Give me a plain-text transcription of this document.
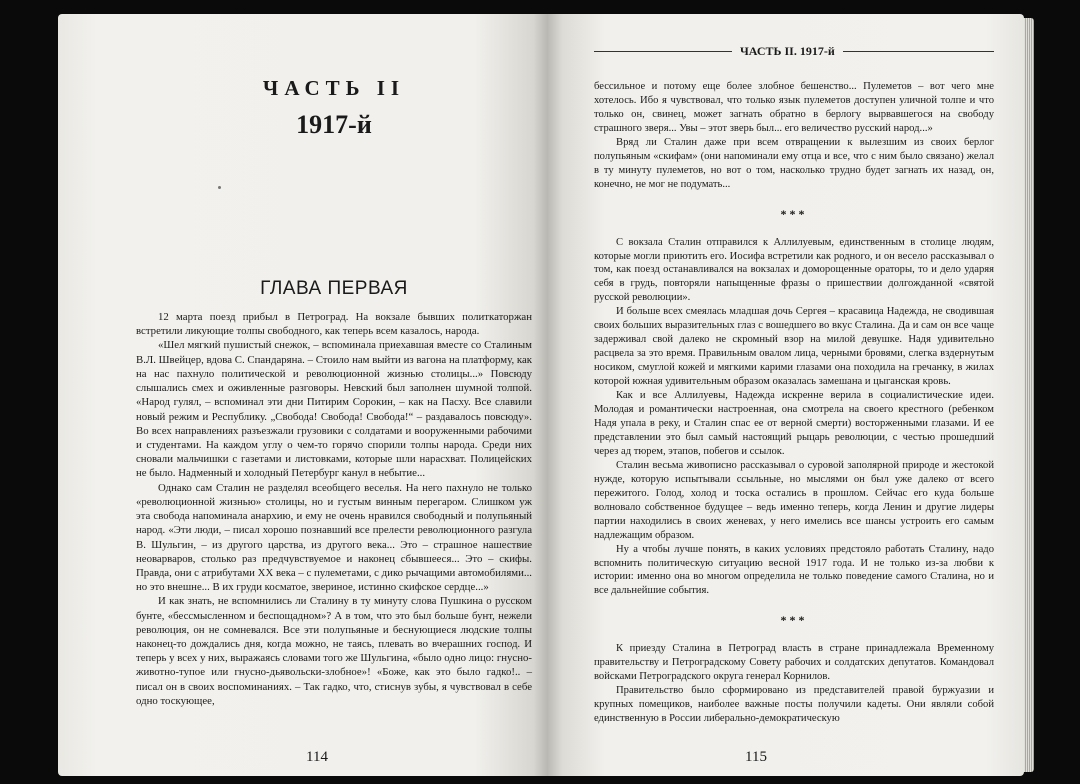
ЧАСТЬ II
1917-й
ГЛАВА ПЕРВАЯ

12 марта поезд прибыл в Петроград. На вокзале бывших политкаторжан встретили ликующие толпы свободного, как теперь всем казалось, народа.

«Шел мягкий пушистый снежок, – вспоминала приехавшая вместе со Сталиным В.Л. Швейцер, вдова С. Спандаряна. – Стоило нам выйти из вагона на платформу, как на нас пахнуло политической и революционной жизнью столицы...» Повсюду слышались смех и оживленные разговоры. Невский был заполнен шумной толпой. «Народ гулял, – вспоминал эти дни Питирим Сорокин, – как на Пасху. Все славили новый режим и Республику. „Свобода! Свобода! Свобода!“ – раздавалось повсюду». Во всех направлениях разъезжали грузовики с солдатами и вооруженными рабочими и студентами. На каждом углу о чем-то горячо спорили толпы народа. Среди них сновали мальчишки с газетами и листовками, которые шли нарасхват. Полицейских не было. Надменный и холодный Петербург канул в небытие...

Однако сам Сталин не разделял всеобщего веселья. На него пахнуло не только «революционной жизнью» столицы, но и густым винным перегаром. Слишком уж эта свобода напоминала анархию, и ему не очень нравился свободный и полупьяный народ. «Эти люди, – писал хорошо познавший все прелести революционного разгула В. Шульгин, – из другого царства, из другого века... Это – страшное нашествие неоварваров, столько раз предчувствуемое и наконец сбывшееся... Это – скифы. Правда, они с атрибутами XX века – с пулеметами, с дико рычащими автомобилями... но это внешне... В их груди косматое, звериное, истинно скифское сердце...»

И как знать, не вспомнились ли Сталину в ту минуту слова Пушкина о русском бунте, «бессмысленном и беспощадном»? А в том, что это был больше бунт, нежели революция, он не сомневался. Все эти полупьяные и беснующиеся людские толпы наконец-то дождались дня, когда можно, не таясь, плевать во вчерашних господ. И теперь у всех у них, выражаясь словами того же Шульгина, «было одно лицо: гнусно-животно-тупое или гнусно-дьявольски-злобное»! «Боже, как это было гадко!.. – писал он в своих воспоминаниях. – Так гадко, что, стиснув зубы, я чувствовал в себе одно тоскующее,

114
ЧАСТЬ II. 1917-й

бессильное и потому еще более злобное бешенство... Пулеметов – вот чего мне хотелось. Ибо я чувствовал, что только язык пулеметов доступен уличной толпе и что только он, свинец, может загнать обратно в берлогу вырвавшегося на свободу страшного зверя... Увы – этот зверь был... его величество русский народ...»

Вряд ли Сталин даже при всем отвращении к вылезшим из своих берлог полупьяным «скифам» (они напоминали ему отца и все, что с ним было связано) желал в ту минуту пулеметов, но вот о том, насколько трудно будет загнать их назад, он, конечно, не мог не подумать...

***

С вокзала Сталин отправился к Аллилуевым, единственным в столице людям, которые могли приютить его. Иосифа встретили как родного, и он весело рассказывал о том, как поезд останавливался на вокзалах и доморощенные ораторы, то и дело ударяя себя в грудь, повторяли напыщенные фразы о пришествии долгожданной «святой русской революции».

И больше всех смеялась младшая дочь Сергея – красавица Надежда, не сводившая своих больших выразительных глаз с вошедшего во вкус Сталина. Да и сам он все чаще задерживал свой далеко не скромный взор на милой девушке. Надя удивительно расцвела за это время. Правильным овалом лица, черными бровями, слегка вздернутым носиком, смуглой кожей и мягкими карими глазами она походила на гречанку, в жилах которой южная удивительным образом оказалась замешана и цыганская кровь.

Как и все Аллилуевы, Надежда искренне верила в социалистические идеи. Молодая и романтически настроенная, она смотрела на своего крестного (ребенком Надя упала в реку, и Сталин спас ее от верной смерти) восторженными глазами. И ее представлении это был самый настоящий рыцарь революции, с честью прошедший через ад тюрем, этапов, побегов и ссылок.

Сталин весьма живописно рассказывал о суровой заполярной природе и жестокой нужде, которую испытывали ссыльные, но мыслями он был уже далеко от всего пережитого. Голод, холод и тоска остались в прошлом. Сейчас его куда больше волновало собственное будущее – ведь именно теперь, когда Ленин и другие лидеры партии находились в своих женевах, у него имелись все шансы устроить его самым надлежащим образом.

Ну а чтобы лучше понять, в каких условиях предстояло работать Сталину, надо вспомнить политическую ситуацию весной 1917 года. И не только из-за любви к истории: именно она во многом определила не только поведение самого Сталина, но и все дальнейшие события.

***

К приезду Сталина в Петроград власть в стране принадлежала Временному правительству и Петроградскому Совету рабочих и солдатских депутатов. Командовал войсками Петроградского округа генерал Корнилов.

Правительство было сформировано из представителей правой буржуазии и крупных помещиков, наиболее важные посты получили кадеты. Они являли собой единственную в России либерально-демократическую

115
